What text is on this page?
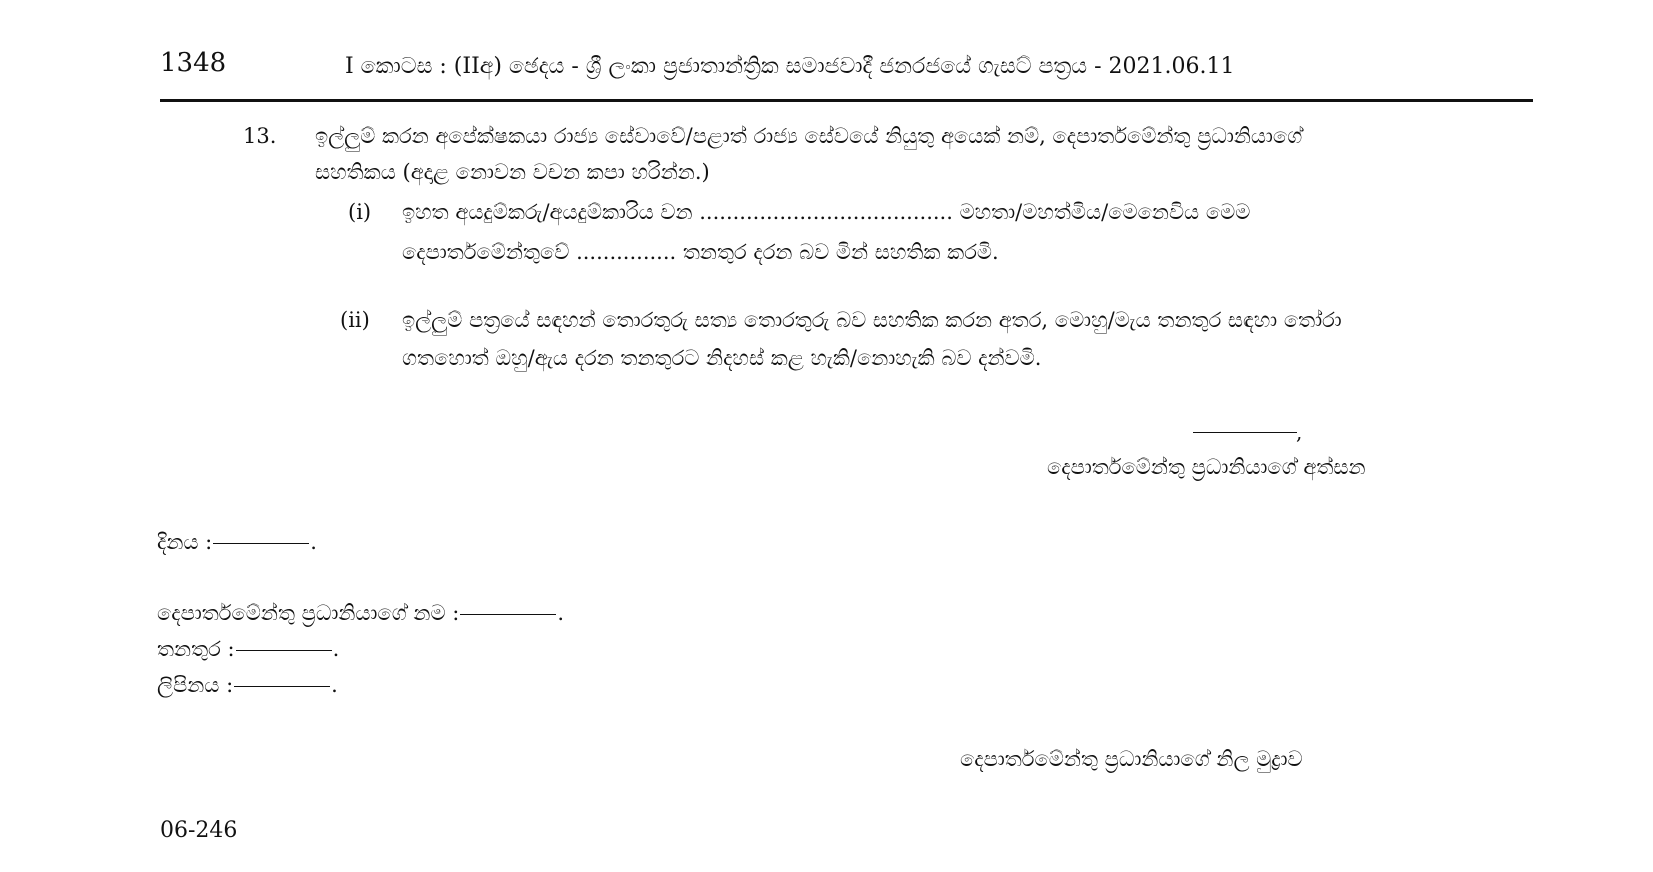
1348	I කොටස : (IIඅ) ඡෙදය - ශ්‍රී ලංකා ප්‍රජාතාන්ත්‍රික සමාජවාදී ජනරජයේ ගැසට් පත්‍රය - 2021.06.11
13. ඉල්ලුම් කරන අපේක්ෂකයා රාජ්‍ය සේවාවේ/පළාත් රාජ්‍ය සේවයේ නියුතු අයෙක් නම්, දෙපාර්තමේන්තු ප්‍රධානියාගේ
සහතිකය (අදාළ නොවන වචන කපා හරින්න.)
(i) ඉහත අයදුම්කරු/අයදුම්කාරිය වන ...................................... මහතා/මහත්මිය/මෙනෙවිය මෙම
දෙපාර්තමේන්තුවේ ............... තනතුර දරන බව මින් සහතික කරමි.
(ii) ඉල්ලුම් පත්‍රයේ සඳහන් තොරතුරු සත්‍ය තොරතුරු බව සහතික කරන අතර, මොහු/මැය තනතුර සඳහා තෝරා
ගතහොත් ඔහු/ඇය දරන තනතුරට නිදහස් කළ හැකි/නොහැකි බව දන්වමි.
,
දෙපාර්තමේන්තු ප්‍රධානියාගේ අත්සන
දිනය :	.
දෙපාර්තමේන්තු ප්‍රධානියාගේ නම :	.
තනතුර :	.
ලිපිනය :	.
දෙපාර්තමේන්තු ප්‍රධානියාගේ නිල මුද්‍රාව
06-246
